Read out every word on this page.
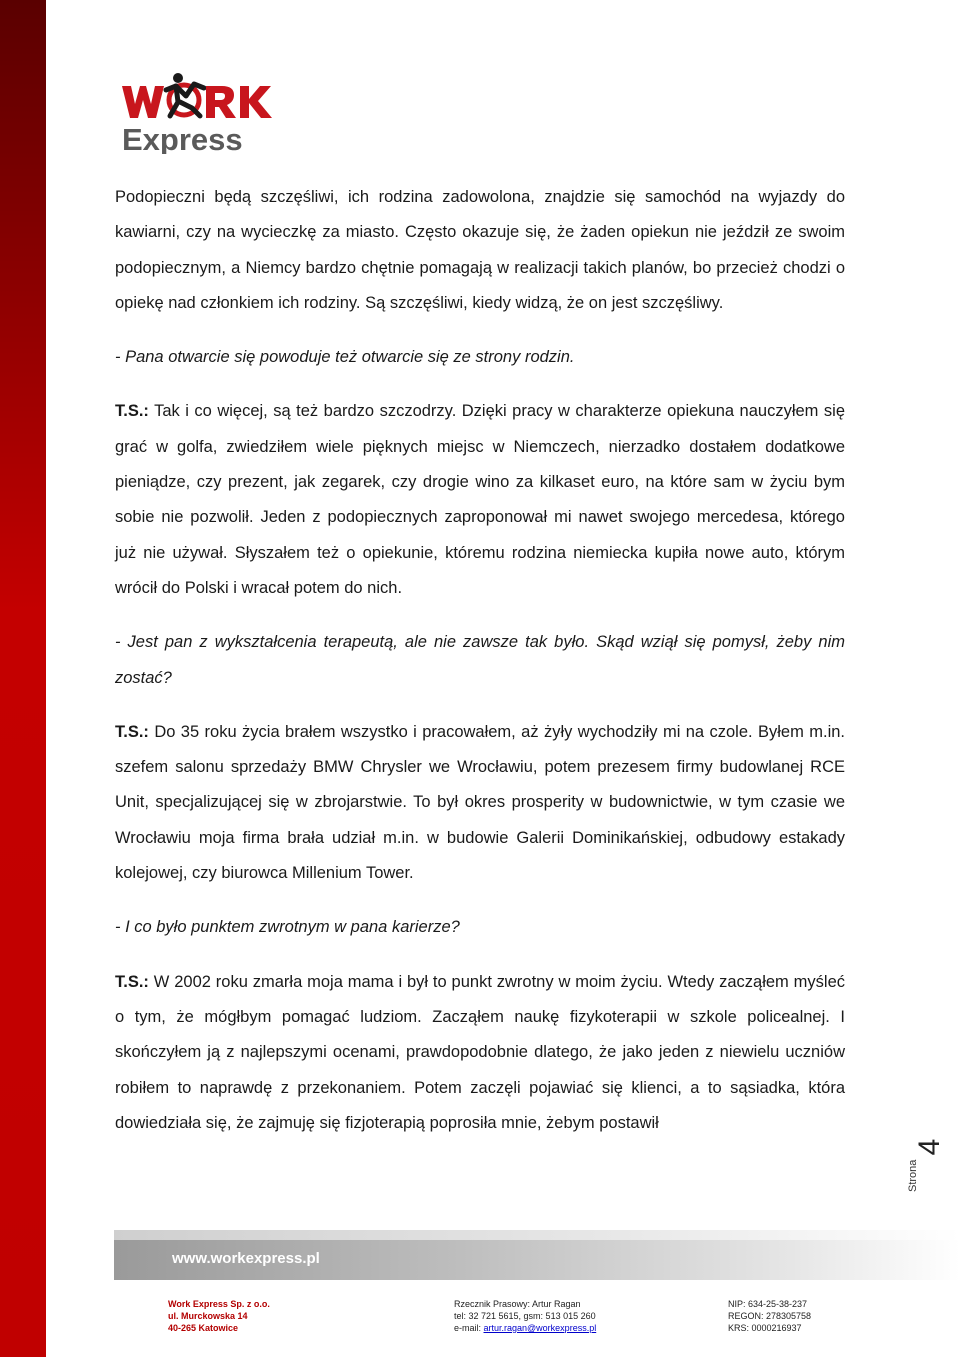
Express

Podopieczni będą szczęśliwi, ich rodzina zadowolona, znajdzie się samochód na wyjazdy do kawiarni, czy na wycieczkę za miasto. Często okazuje się, że żaden opiekun nie jeździł ze swoim podopiecznym, a Niemcy bardzo chętnie pomagają w realizacji takich planów, bo przecież chodzi o opiekę nad członkiem ich rodziny. Są szczęśliwi, kiedy widzą, że on jest szczęśliwy.

- Pana otwarcie się powoduje też otwarcie się ze strony rodzin.

T.S.: Tak i co więcej, są też bardzo szczodrzy. Dzięki pracy w charakterze opiekuna nauczyłem się grać w golfa, zwiedziłem wiele pięknych miejsc w Niemczech, nierzadko dostałem dodatkowe pieniądze, czy prezent, jak zegarek, czy drogie wino za kilkaset euro, na które sam w życiu bym sobie nie pozwolił. Jeden z podopiecznych zaproponował mi nawet swojego mercedesa, którego już nie używał. Słyszałem też o opiekunie, któremu rodzina niemiecka kupiła nowe auto, którym wrócił do Polski i wracał potem do nich.

- Jest pan z wykształcenia terapeutą, ale nie zawsze tak było. Skąd wziął się pomysł, żeby nim zostać?

T.S.: Do 35 roku życia brałem wszystko i pracowałem, aż żyły wychodziły mi na czole. Byłem m.in. szefem salonu sprzedaży BMW Chrysler we Wrocławiu, potem prezesem firmy budowlanej RCE Unit, specjalizującej się w zbrojarstwie. To był okres prosperity w budownictwie, w tym czasie we Wrocławiu moja firma brała udział m.in. w budowie Galerii Dominikańskiej, odbudowy estakady kolejowej, czy biurowca Millenium Tower.

- I co było punktem zwrotnym w pana karierze?

T.S.: W 2002 roku zmarła moja mama i był to punkt zwrotny w moim życiu. Wtedy zacząłem myśleć o tym, że mógłbym pomagać ludziom. Zacząłem naukę fizykoterapii w szkole policealnej. I skończyłem ją z najlepszymi ocenami, prawdopodobnie dlatego, że jako jeden z niewielu uczniów robiłem to naprawdę z przekonaniem. Potem zaczęli pojawiać się klienci, a to sąsiadka, która dowiedziała się, że zajmuję się fizjoterapią poprosiła mnie, żebym postawił

Strona
4
www.workexpress.pl
Work Express Sp. z o.o.
ul. Murckowska 14
40-265 Katowice
Rzecznik Prasowy: Artur Ragan
tel: 32 721 5615, gsm: 513 015 260
e-mail: artur.ragan@workexpress.pl
NIP: 634-25-38-237
REGON: 278305758
KRS: 0000216937
